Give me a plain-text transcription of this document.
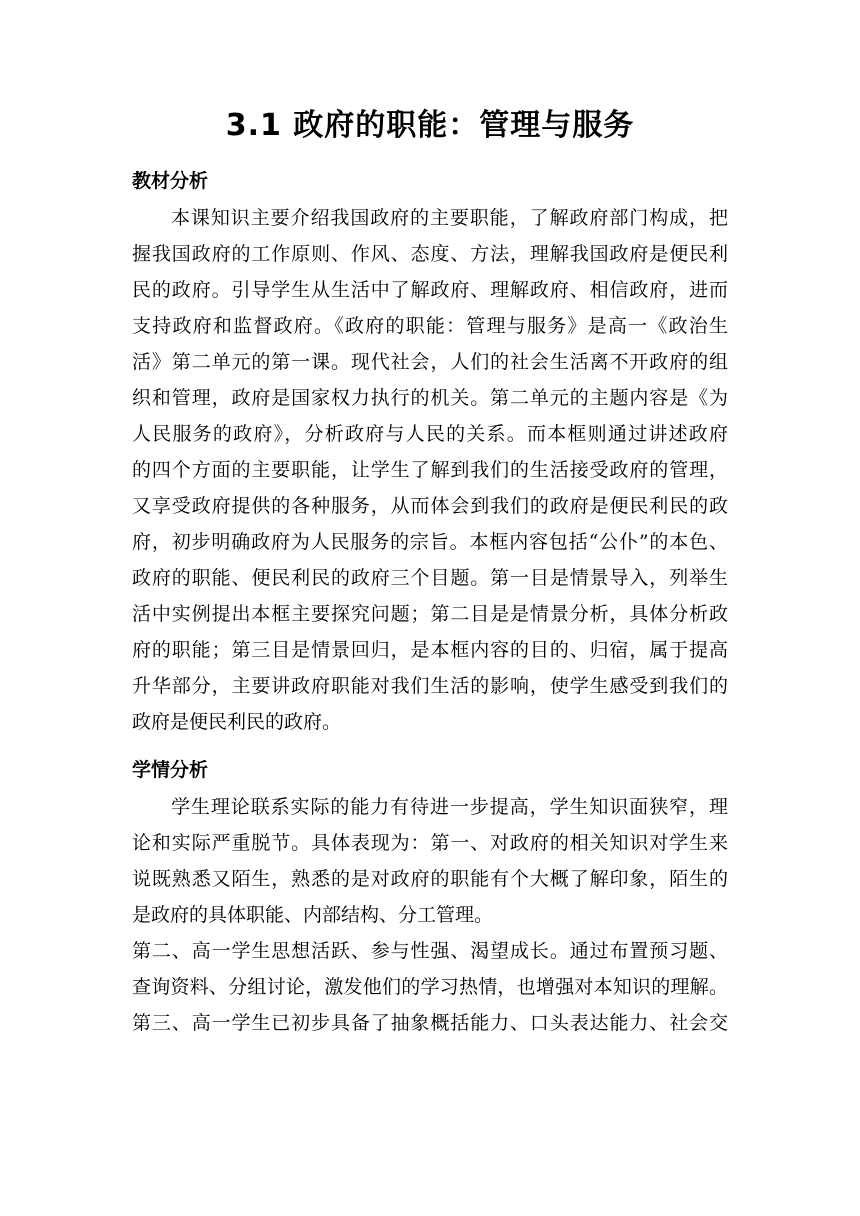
3.1 政府的职能：管理与服务
教材分析
本课知识主要介绍我国政府的主要职能，了解政府部门构成，把
握我国政府的工作原则、作风、态度、方法，理解我国政府是便民利
民的政府。引导学生从生活中了解政府、理解政府、相信政府，进而
支持政府和监督政府。《政府的职能：管理与服务》是高一《政治生
活》第二单元的第一课。现代社会，人们的社会生活离不开政府的组
织和管理，政府是国家权力执行的机关。第二单元的主题内容是《为
人民服务的政府》，分析政府与人民的关系。而本框则通过讲述政府
的四个方面的主要职能，让学生了解到我们的生活接受政府的管理，
又享受政府提供的各种服务，从而体会到我们的政府是便民利民的政
府，初步明确政府为人民服务的宗旨。本框内容包括“公仆”的本色、
政府的职能、便民利民的政府三个目题。第一目是情景导入，列举生
活中实例提出本框主要探究问题；第二目是是情景分析，具体分析政
府的职能；第三目是情景回归，是本框内容的目的、归宿，属于提高
升华部分，主要讲政府职能对我们生活的影响，使学生感受到我们的
政府是便民利民的政府。
学情分析
学生理论联系实际的能力有待进一步提高，学生知识面狭窄，理
论和实际严重脱节。具体表现为：第一、对政府的相关知识对学生来
说既熟悉又陌生，熟悉的是对政府的职能有个大概了解印象，陌生的
是政府的具体职能、内部结构、分工管理。
第二、高一学生思想活跃、参与性强、渴望成长。通过布置预习题、
查询资料、分组讨论，激发他们的学习热情，也增强对本知识的理解。
第三、高一学生已初步具备了抽象概括能力、口头表达能力、社会交
